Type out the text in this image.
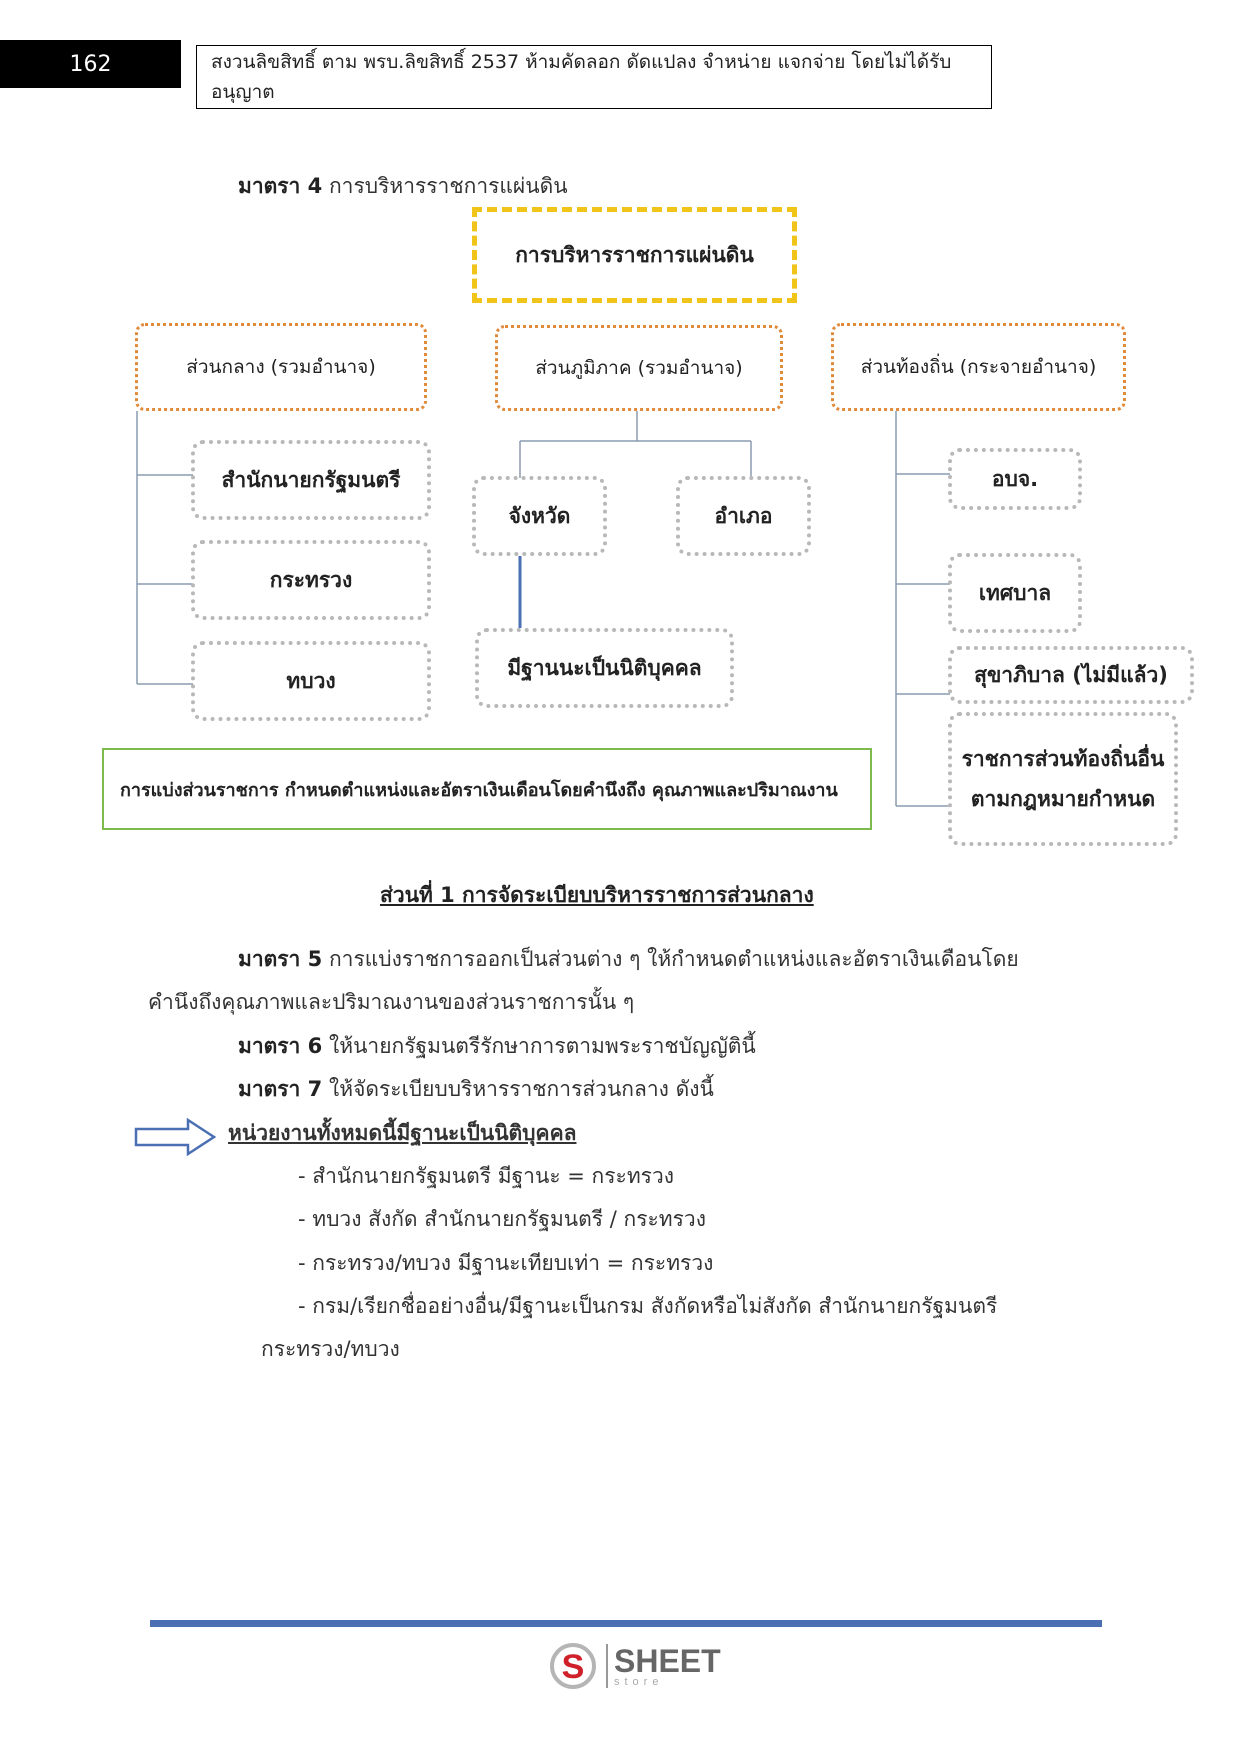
162	สงวนลิขสิทธิ์ ตาม พรบ.ลิขสิทธิ์ 2537 ห้ามคัดลอก ดัดแปลง จำหน่าย แจกจ่าย โดยไม่ได้รับอนุญาต
มาตรา 4 การบริหารราชการแผ่นดิน
การบริหารราชการแผ่นดิน
ส่วนกลาง (รวมอำนาจ)	ส่วนภูมิภาค (รวมอำนาจ)	ส่วนท้องถิ่น (กระจายอำนาจ)
สำนักนายกรัฐมนตรี
กระทรวง
ทบวง
จังหวัด	อำเภอ
มีฐานนะเป็นนิติบุคคล
อบจ.
เทศบาล
สุขาภิบาล (ไม่มีแล้ว)
ราชการส่วนท้องถิ่นอื่น
ตามกฎหมายกำหนด
การแบ่งส่วนราชการ กำหนดตำแหน่งและอัตราเงินเดือนโดยคำนึงถึง คุณภาพและปริมาณงาน
ส่วนที่ 1 การจัดระเบียบบริหารราชการส่วนกลาง
มาตรา 5 การแบ่งราชการออกเป็นส่วนต่าง ๆ ให้กำหนดตำแหน่งและอัตราเงินเดือนโดย
คำนึงถึงคุณภาพและปริมาณงานของส่วนราชการนั้น ๆ
มาตรา 6 ให้นายกรัฐมนตรีรักษาการตามพระราชบัญญัตินี้
มาตรา 7 ให้จัดระเบียบบริหารราชการส่วนกลาง ดังนี้
หน่วยงานทั้งหมดนี้มีฐานะเป็นนิติบุคคล
- สำนักนายกรัฐมนตรี มีฐานะ = กระทรวง
- ทบวง สังกัด สำนักนายกรัฐมนตรี / กระทรวง
- กระทรวง/ทบวง มีฐานะเทียบเท่า = กระทรวง
- กรม/เรียกชื่ออย่างอื่น/มีฐานะเป็นกรม สังกัดหรือไม่สังกัด สำนักนายกรัฐมนตรี
กระทรวง/ทบวง
S SHEET
store
